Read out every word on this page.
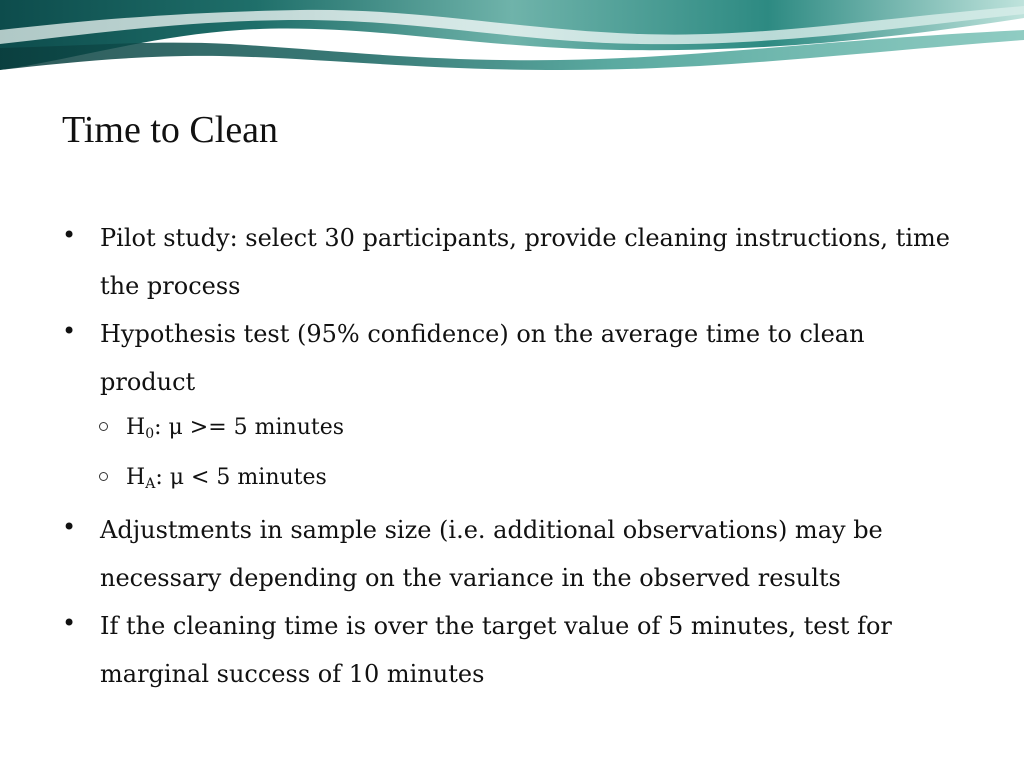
Time to Clean
• Pilot study: select 30 participants, provide cleaning instructions, time the process
• Hypothesis test (95% confidence) on the average time to clean product
$H_0$: μ >= 5 minutes
$H_A$: μ < 5 minutes
• Adjustments in sample size (i.e. additional observations) may be necessary depending on the variance in the observed results
• If the cleaning time is over the target value of 5 minutes, test for marginal success of 10 minutes
